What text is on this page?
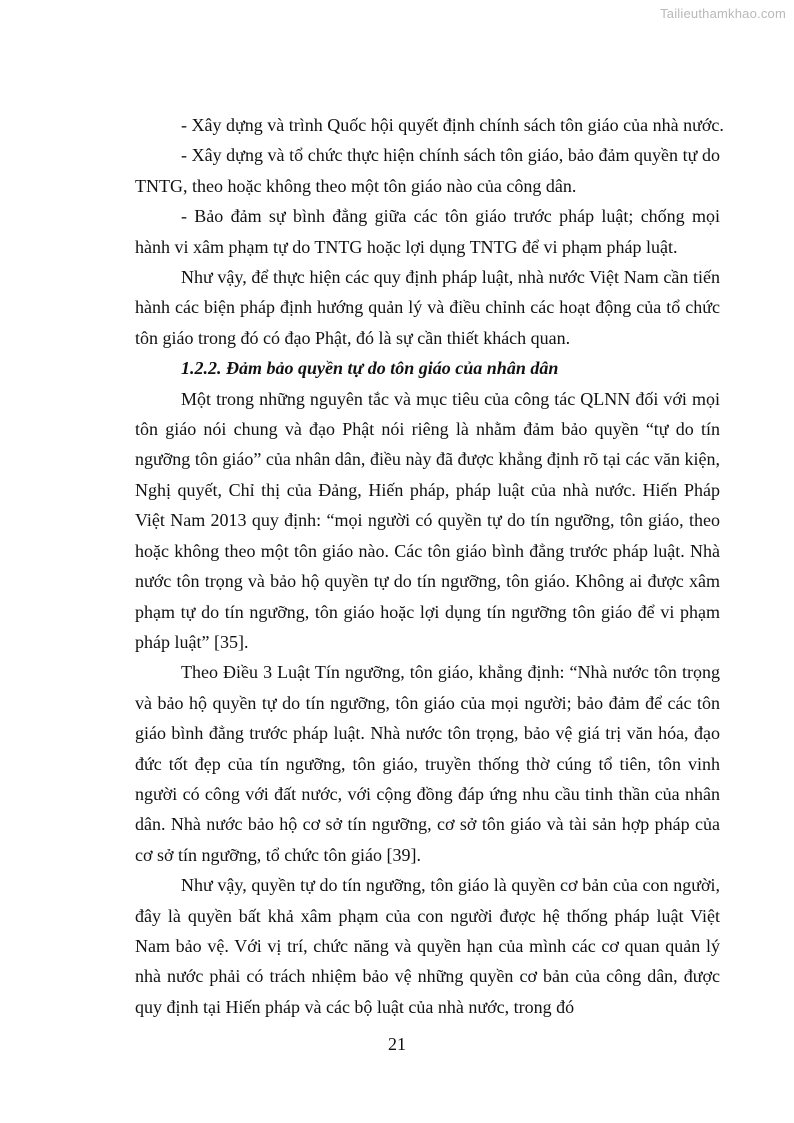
Tailieuthamkhao.com

- Xây dựng và trình Quốc hội quyết định chính sách tôn giáo của nhà nước.

- Xây dựng và tổ chức thực hiện chính sách tôn giáo, bảo đảm quyền tự do TNTG, theo hoặc không theo một tôn giáo nào của công dân.

- Bảo đảm sự bình đẳng giữa các tôn giáo trước pháp luật; chống mọi hành vi xâm phạm tự do TNTG hoặc lợi dụng TNTG để vi phạm pháp luật.

Như vậy, để thực hiện các quy định pháp luật, nhà nước Việt Nam cần tiến hành các biện pháp định hướng quản lý và điều chỉnh các hoạt động của tổ chức tôn giáo trong đó có đạo Phật, đó là sự cần thiết khách quan.

1.2.2. Đảm bảo quyền tự do tôn giáo của nhân dân

Một trong những nguyên tắc và mục tiêu của công tác QLNN đối với mọi tôn giáo nói chung và đạo Phật nói riêng là nhằm đảm bảo quyền “tự do tín ngưỡng tôn giáo” của nhân dân, điều này đã được khẳng định rõ tại các văn kiện, Nghị quyết, Chỉ thị của Đảng, Hiến pháp, pháp luật của nhà nước. Hiến Pháp Việt Nam 2013 quy định: “mọi người có quyền tự do tín ngưỡng, tôn giáo, theo hoặc không theo một tôn giáo nào. Các tôn giáo bình đẳng trước pháp luật. Nhà nước tôn trọng và bảo hộ quyền tự do tín ngưỡng, tôn giáo. Không ai được xâm phạm tự do tín ngưỡng, tôn giáo hoặc lợi dụng tín ngưỡng tôn giáo để vi phạm pháp luật” [35].

Theo Điều 3 Luật Tín ngưỡng, tôn giáo, khẳng định: “Nhà nước tôn trọng và bảo hộ quyền tự do tín ngưỡng, tôn giáo của mọi người; bảo đảm để các tôn giáo bình đẳng trước pháp luật. Nhà nước tôn trọng, bảo vệ giá trị văn hóa, đạo đức tốt đẹp của tín ngưỡng, tôn giáo, truyền thống thờ cúng tổ tiên, tôn vinh người có công với đất nước, với cộng đồng đáp ứng nhu cầu tinh thần của nhân dân. Nhà nước bảo hộ cơ sở tín ngưỡng, cơ sở tôn giáo và tài sản hợp pháp của cơ sở tín ngưỡng, tổ chức tôn giáo [39].

Như vậy, quyền tự do tín ngưỡng, tôn giáo là quyền cơ bản của con người, đây là quyền bất khả xâm phạm của con người được hệ thống pháp luật Việt Nam bảo vệ. Với vị trí, chức năng và quyền hạn của mình các cơ quan quản lý nhà nước phải có trách nhiệm bảo vệ những quyền cơ bản của công dân, được quy định tại Hiến pháp và các bộ luật của nhà nước, trong đó

21
